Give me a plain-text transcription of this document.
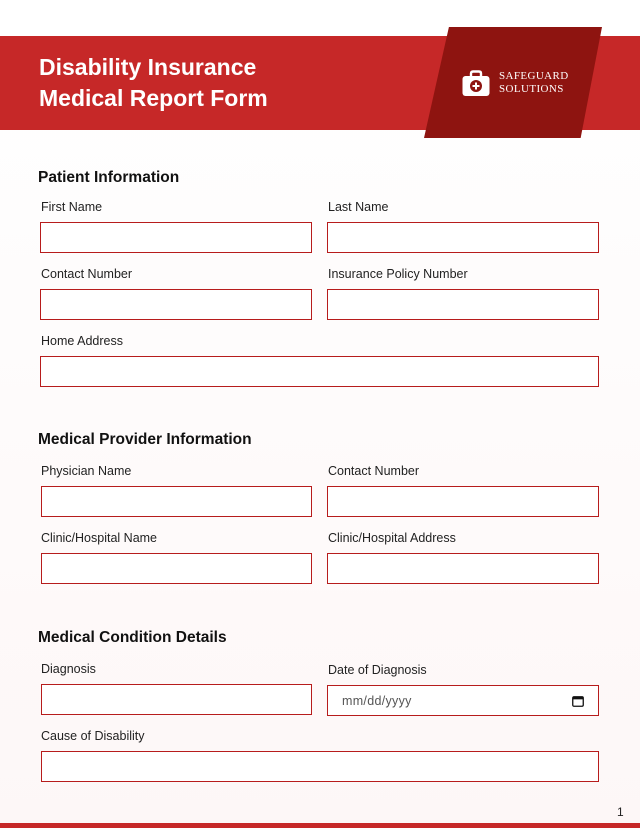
Disability Insurance
Medical Report Form
SAFEGUARD
SOLUTIONS
Patient Information
First Name	Last Name
Contact Number	Insurance Policy Number
Home Address
Medical Provider Information
Physician Name	Contact Number
Clinic/Hospital Name	Clinic/Hospital Address
Medical Condition Details
Diagnosis	Date of Diagnosis
mm/dd/yyyy
Cause of Disability
1
